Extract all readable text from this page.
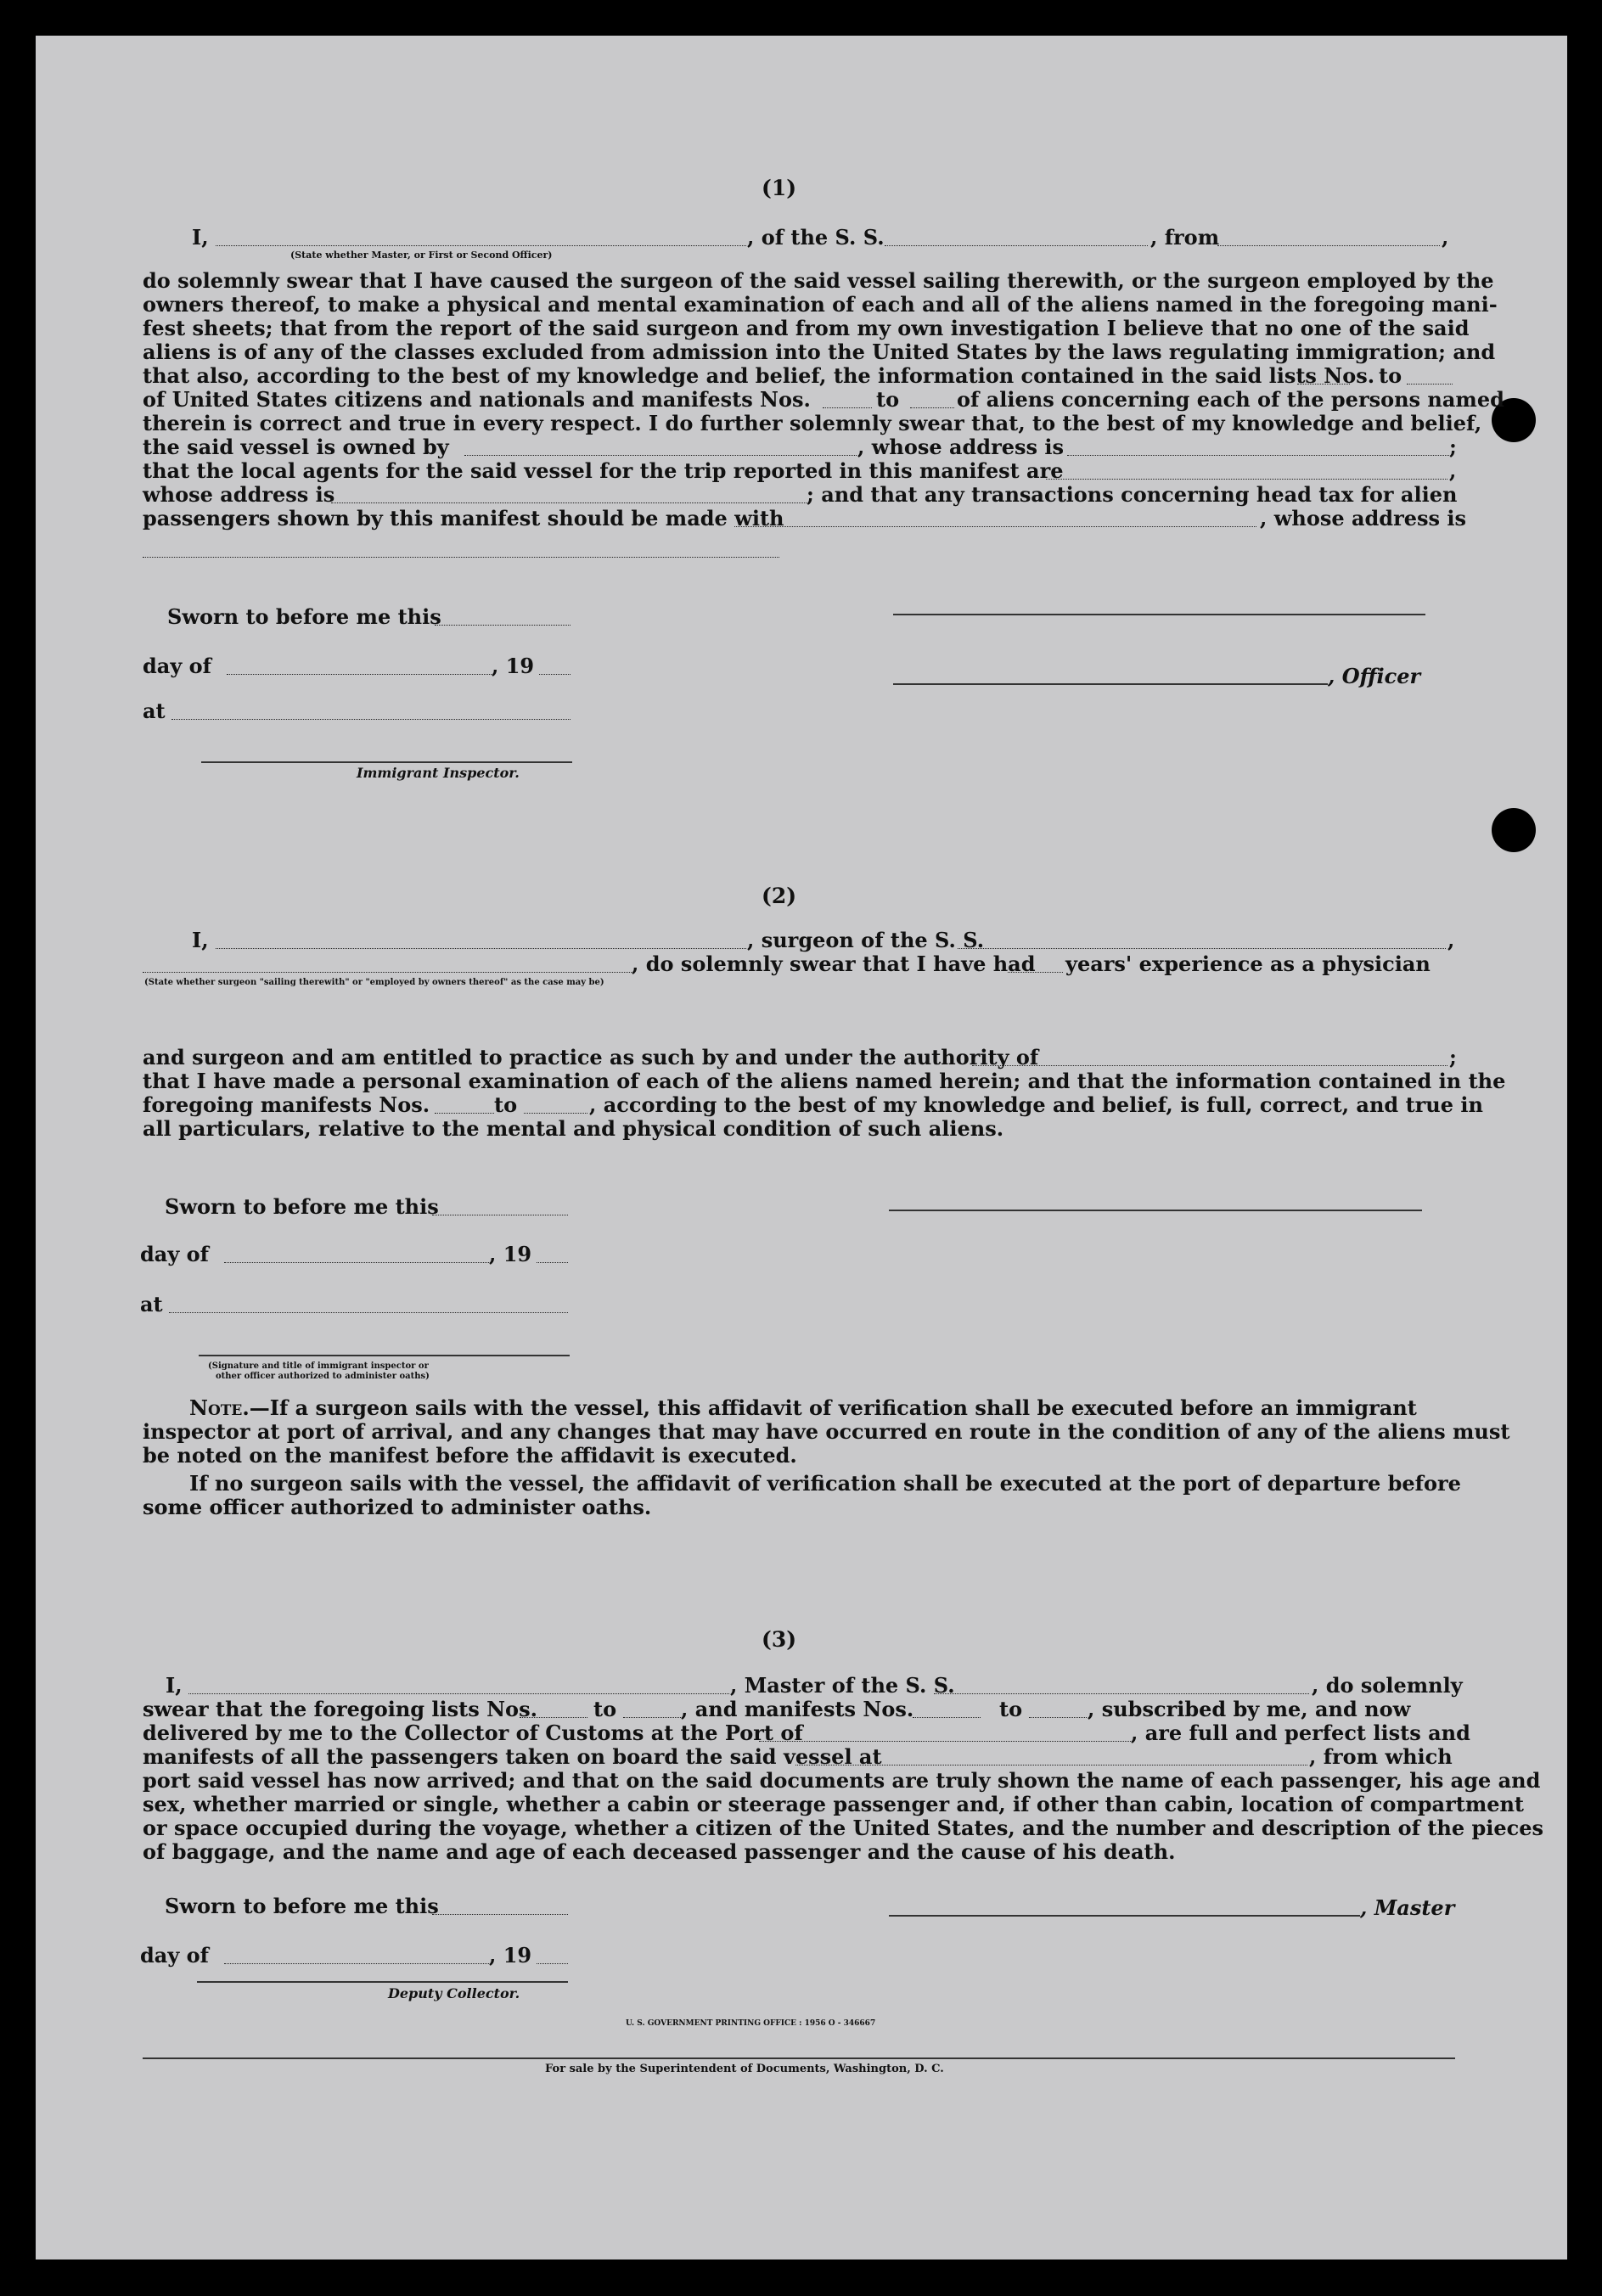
(1)
I,	, of the S. S.	, from	,
(State whether Master, or First or Second Officer)
do solemnly swear that I have caused the surgeon of the said vessel sailing therewith, or the surgeon employed by the
owners thereof, to make a physical and mental examination of each and all of the aliens named in the foregoing mani-
fest sheets; that from the report of the said surgeon and from my own investigation I believe that no one of the said
aliens is of any of the classes excluded from admission into the United States by the laws regulating immigration; and
that also, according to the best of my knowledge and belief, the information contained in the said lists Nos. to
of United States citizens and nationals and manifests Nos.	to	of aliens concerning each of the persons named
therein is correct and true in every respect. I do further solemnly swear that, to the best of my knowledge and belief,
the said vessel is owned by	, whose address is	;
that the local agents for the said vessel for the trip reported in this manifest are	,
whose address is	; and that any transactions concerning head tax for alien
passengers shown by this manifest should be made with	, whose address is
Sworn to before me this
day of	, 19	, Officer
at
Immigrant Inspector.
(2)
I,	, surgeon of the S. S.	,
, do solemnly swear that I have had years' experience as a physician
(State whether surgeon "sailing therewith" or "employed by owners thereof" as the case may be)
and surgeon and am entitled to practice as such by and under the authority of	;
that I have made a personal examination of each of the aliens named herein; and that the information contained in the
foregoing manifests Nos.	to	, according to the best of my knowledge and belief, is full, correct, and true in
all particulars, relative to the mental and physical condition of such aliens.
Sworn to before me this
day of	, 19
at
(Signature and title of immigrant inspector or
other officer authorized to administer oaths)
Note.—If a surgeon sails with the vessel, this affidavit of verification shall be executed before an immigrant
inspector at port of arrival, and any changes that may have occurred en route in the condition of any of the aliens must
be noted on the manifest before the affidavit is executed.
If no surgeon sails with the vessel, the affidavit of verification shall be executed at the port of departure before
some officer authorized to administer oaths.
(3)
I,	, Master of the S. S.	, do solemnly
swear that the foregoing lists Nos.	to	, and manifests Nos.	to	, subscribed by me, and now
delivered by me to the Collector of Customs at the Port of	, are full and perfect lists and
manifests of all the passengers taken on board the said vessel at	, from which
port said vessel has now arrived; and that on the said documents are truly shown the name of each passenger, his age and
sex, whether married or single, whether a cabin or steerage passenger and, if other than cabin, location of compartment
or space occupied during the voyage, whether a citizen of the United States, and the number and description of the pieces
of baggage, and the name and age of each deceased passenger and the cause of his death.
Sworn to before me this	, Master
day of	, 19
Deputy Collector.
U. S. GOVERNMENT PRINTING OFFICE : 1956 O - 346667
For sale by the Superintendent of Documents, Washington, D. C.
